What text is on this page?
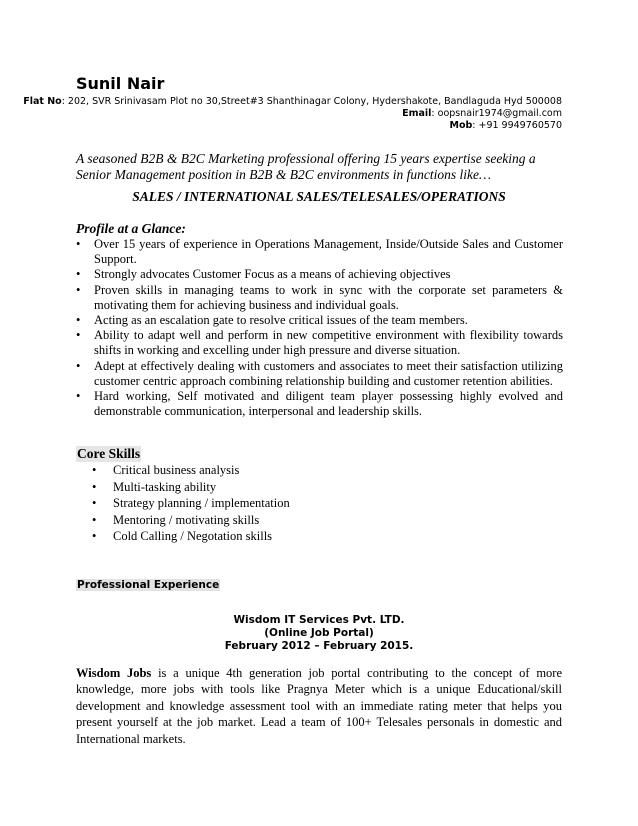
Sunil Nair
Flat No: 202, SVR Srinivasam Plot no 30,Street#3 Shanthinagar Colony, Hydershakote, Bandlaguda Hyd 500008
Email: oopsnair1974@gmail.com
Mob: +91 9949760570
A seasoned B2B & B2C Marketing professional offering 15 years expertise seeking a Senior Management position in B2B & B2C environments in functions like…
SALES / INTERNATIONAL SALES/TELESALES/OPERATIONS
Profile at a Glance:
• Over 15 years of experience in Operations Management, Inside/Outside Sales and Customer Support.
• Strongly advocates Customer Focus as a means of achieving objectives
• Proven skills in managing teams to work in sync with the corporate set parameters & motivating them for achieving business and individual goals.
• Acting as an escalation gate to resolve critical issues of the team members.
• Ability to adapt well and perform in new competitive environment with flexibility towards shifts in working and excelling under high pressure and diverse situation.
• Adept at effectively dealing with customers and associates to meet their satisfaction utilizing customer centric approach combining relationship building and customer retention abilities.
• Hard working, Self motivated and diligent team player possessing highly evolved and demonstrable communication, interpersonal and leadership skills.
Core Skills
• Critical business analysis
• Multi-tasking ability
• Strategy planning / implementation
• Mentoring / motivating skills
• Cold Calling / Negotation skills
Professional Experience
Wisdom IT Services Pvt. LTD.
(Online Job Portal)
February 2012 – February 2015.
Wisdom Jobs is a unique 4th generation job portal contributing to the concept of more knowledge, more jobs with tools like Pragnya Meter which is a unique Educational/skill development and knowledge assessment tool with an immediate rating meter that helps you present yourself at the job market. Lead a team of 100+ Telesales personals in domestic and International markets.
